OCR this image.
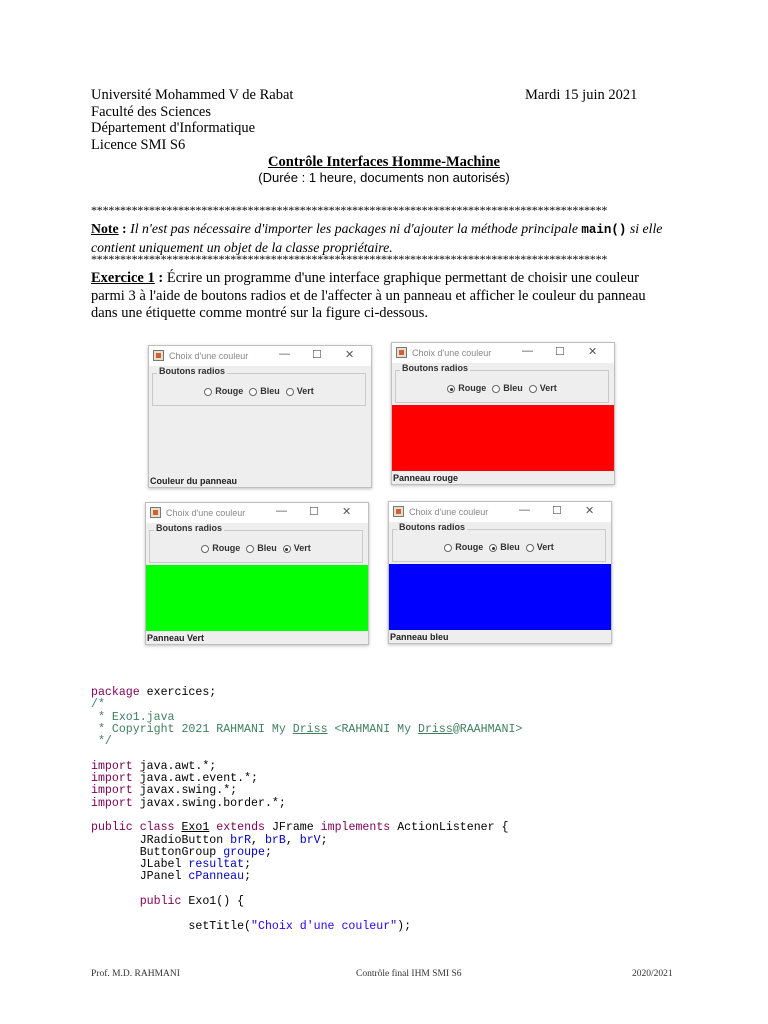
Université Mohammed V de Rabat
Faculté des Sciences
Département d'Informatique
Licence SMI S6
Mardi 15 juin 2021
Contrôle Interfaces Homme-Machine
(Durée : 1 heure, documents non autorisés)
*****************************************************************************************
Note : Il n'est pas nécessaire d'importer les packages ni d'ajouter la méthode principale main() si elle contient uniquement un objet de la classe propriétaire.
*****************************************************************************************
Exercice 1 : Écrire un programme d'une interface graphique permettant de choisir une couleur parmi 3 à l'aide de boutons radios et de l'affecter à un panneau et afficher le couleur du panneau dans une étiquette comme montré sur la figure ci-dessous.
Choix d'une couleur	— ☐ ✕
Boutons radios
Rouge Bleu Vert
Couleur du panneau
Choix d'une couleur	— ☐ ✕
Boutons radios
Rouge Bleu Vert
Panneau rouge
Choix d'une couleur	— ☐ ✕
Boutons radios
Rouge Bleu Vert
Panneau Vert
Choix d'une couleur	— ☐ ✕
Boutons radios
Rouge Bleu Vert
Panneau bleu
package exercices;
/*
* Exo1.java
* Copyright 2021 RAHMANI My Driss <RAHMANI My Driss@RAAHMANI>
*/

import java.awt.*;
import java.awt.event.*;
import javax.swing.*;
import javax.swing.border.*;

public class Exo1 extends JFrame implements ActionListener {
JRadioButton brR, brB, brV;
ButtonGroup groupe;
JLabel resultat;
JPanel cPanneau;

public Exo1() {

setTitle("Choix d'une couleur");
Prof. M.D. RAHMANI	Contrôle final IHM SMI S6	2020/2021
